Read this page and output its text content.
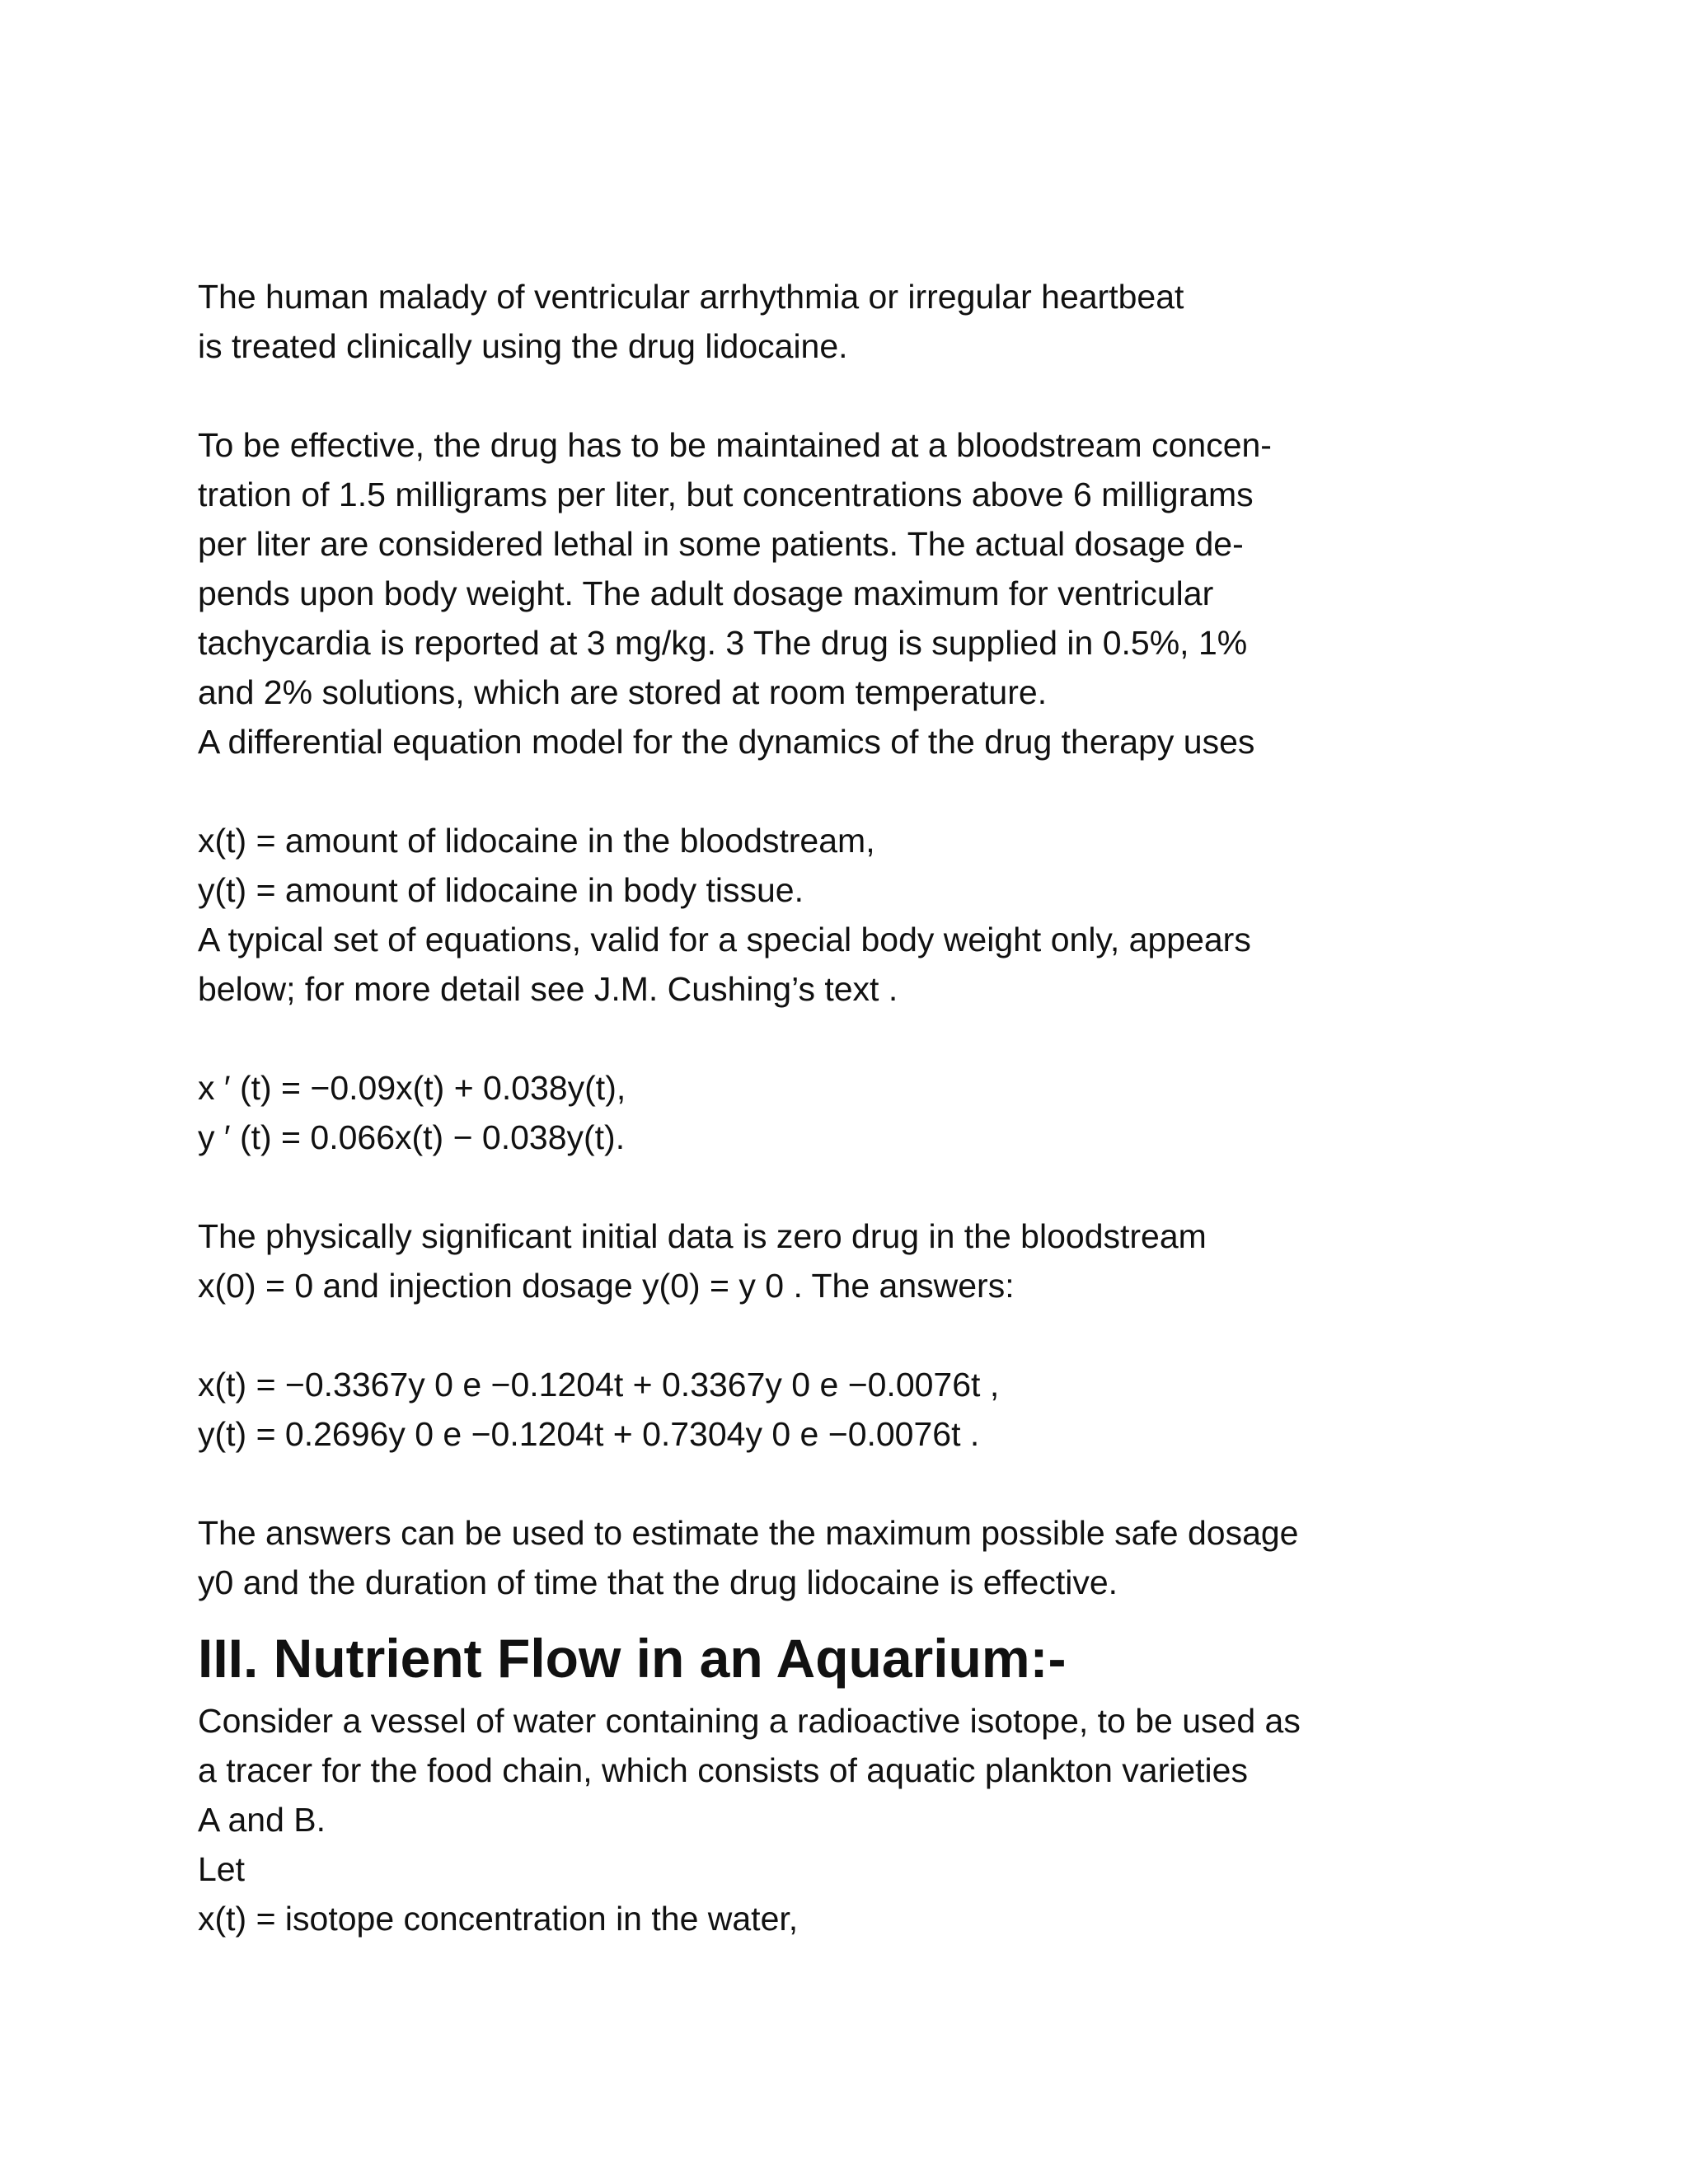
The human malady of ventricular arrhythmia or irregular heartbeat
is treated clinically using the drug lidocaine.
To be effective, the drug has to be maintained at a bloodstream concen-
tration of 1.5 milligrams per liter, but concentrations above 6 milligrams
per liter are considered lethal in some patients. The actual dosage de-
pends upon body weight. The adult dosage maximum for ventricular
tachycardia is reported at 3 mg/kg. 3 The drug is supplied in 0.5%, 1%
and 2% solutions, which are stored at room temperature.
A differential equation model for the dynamics of the drug therapy uses
x(t) = amount of lidocaine in the bloodstream,
y(t) = amount of lidocaine in body tissue.
A typical set of equations, valid for a special body weight only, appears
below; for more detail see J.M. Cushing’s text .
x ′ (t) = −0.09x(t) + 0.038y(t),
y ′ (t) = 0.066x(t) − 0.038y(t).
The physically significant initial data is zero drug in the bloodstream
x(0) = 0 and injection dosage y(0) = y 0 . The answers:
x(t) = −0.3367y 0 e −0.1204t + 0.3367y 0 e −0.0076t ,
y(t) = 0.2696y 0 e −0.1204t + 0.7304y 0 e −0.0076t .
The answers can be used to estimate the maximum possible safe dosage
y0 and the duration of time that the drug lidocaine is effective.
III. Nutrient Flow in an Aquarium:-
Consider a vessel of water containing a radioactive isotope, to be used as
a tracer for the food chain, which consists of aquatic plankton varieties
A and B.
Let
x(t) = isotope concentration in the water,
